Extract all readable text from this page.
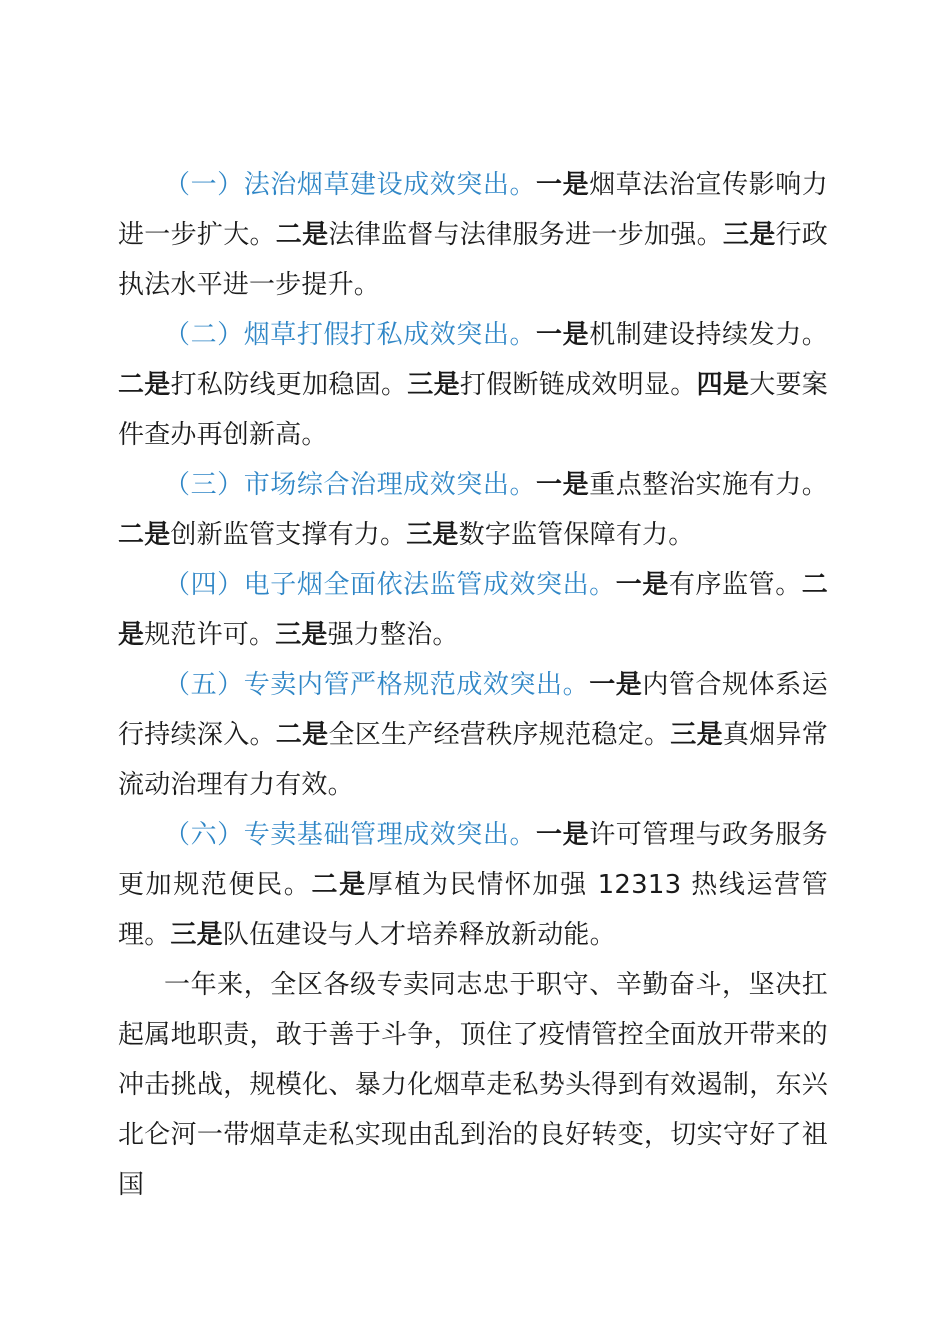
（一）法治烟草建设成效突出。一是烟草法治宣传影响力进一步扩大。二是法律监督与法律服务进一步加强。三是行政执法水平进一步提升。

（二）烟草打假打私成效突出。一是机制建设持续发力。二是打私防线更加稳固。三是打假断链成效明显。四是大要案件查办再创新高。

（三）市场综合治理成效突出。一是重点整治实施有力。二是创新监管支撑有力。三是数字监管保障有力。

（四）电子烟全面依法监管成效突出。一是有序监管。二是规范许可。三是强力整治。

（五）专卖内管严格规范成效突出。一是内管合规体系运行持续深入。二是全区生产经营秩序规范稳定。三是真烟异常流动治理有力有效。

（六）专卖基础管理成效突出。一是许可管理与政务服务更加规范便民。二是厚植为民情怀加强 12313 热线运营管理。三是队伍建设与人才培养释放新动能。

一年来，全区各级专卖同志忠于职守、辛勤奋斗，坚决扛起属地职责，敢于善于斗争，顶住了疫情管控全面放开带来的冲击挑战，规模化、暴力化烟草走私势头得到有效遏制，东兴北仑河一带烟草走私实现由乱到治的良好转变，切实守好了祖国
